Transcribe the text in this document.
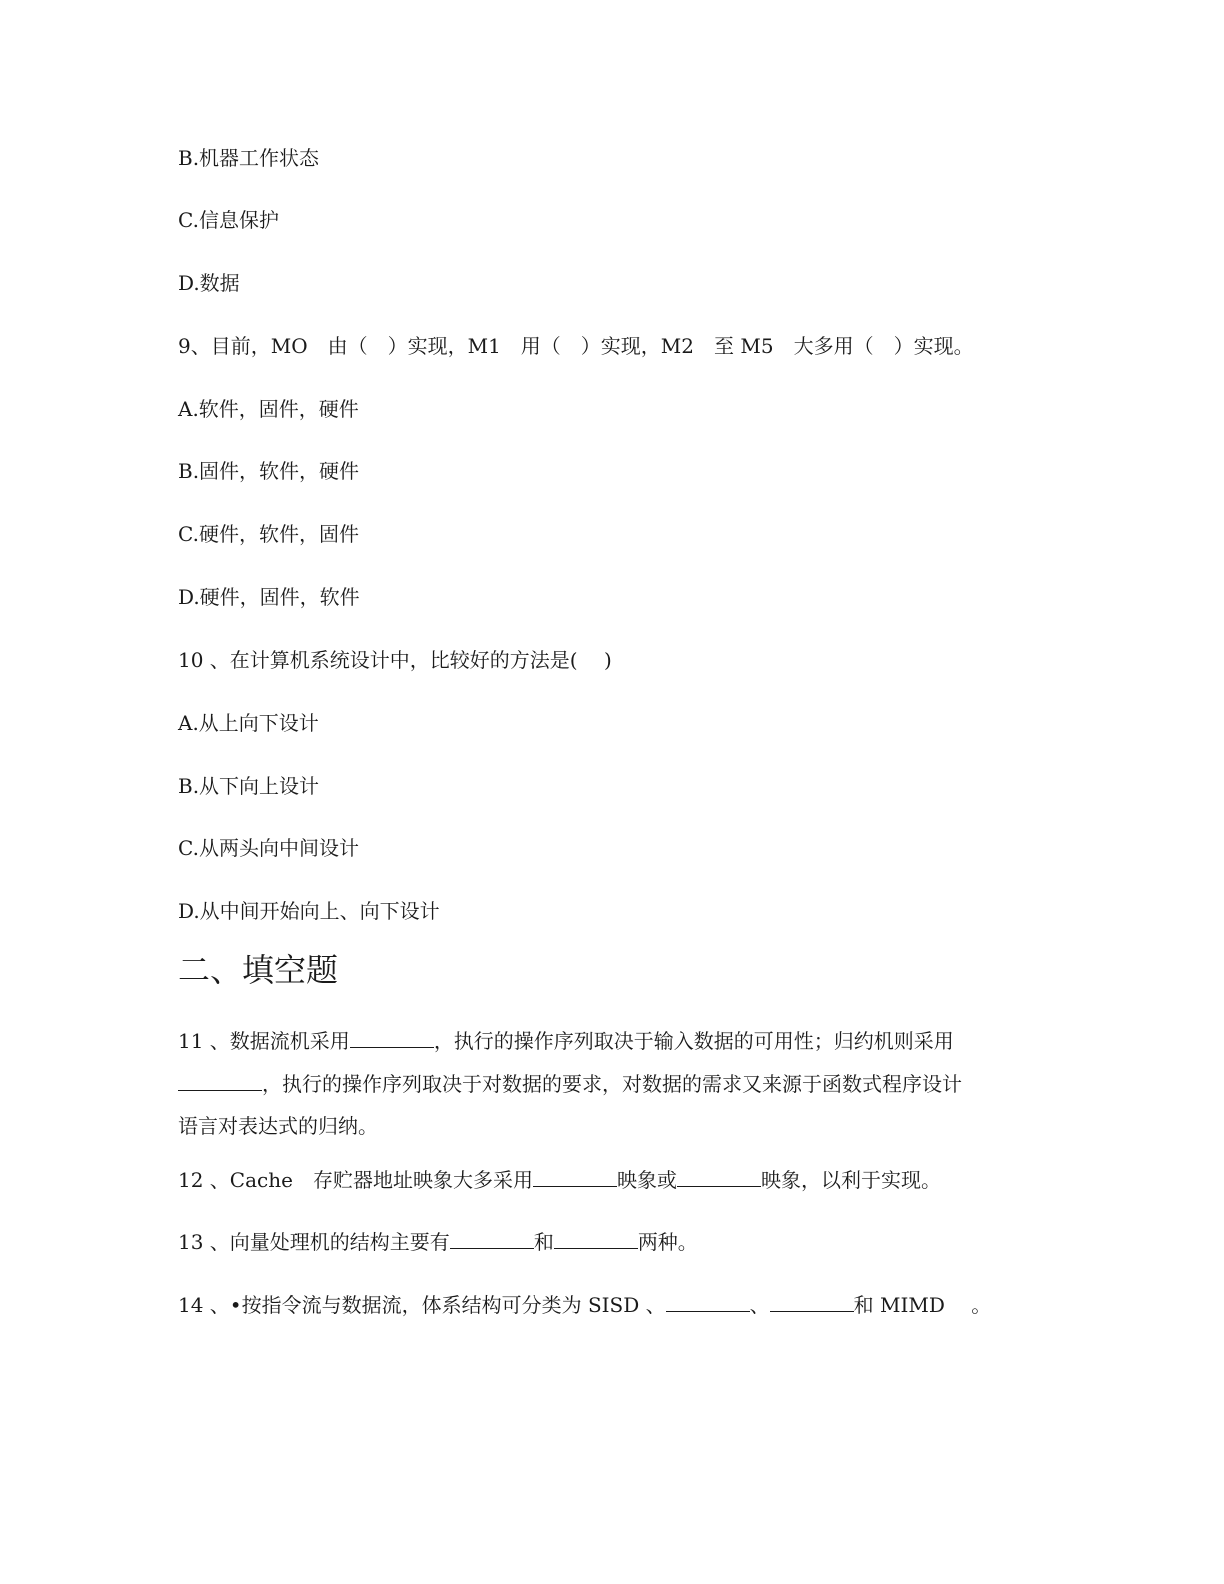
B.机器工作状态

C.信息保护

D.数据

9、目前，MO　由（　）实现，M1　用（　）实现，M2　至 M5　大多用（　）实现。

A.软件，固件，硬件

B.固件，软件，硬件

C.硬件，软件，固件

D.硬件，固件，软件

10 、在计算机系统设计中，比较好的方法是(　 )

A.从上向下设计

B.从下向上设计

C.从两头向中间设计

D.从中间开始向上、向下设计

二、填空题

11 、数据流机采用	，执行的操作序列取决于输入数据的可用性；归约机则采用

，执行的操作序列取决于对数据的要求，对数据的需求又来源于函数式程序设计

语言对表达式的归纳。

12 、Cache　存贮器地址映象大多采用	映象或	映象，以利于实现。

13 、向量处理机的结构主要有	和	两种。

14 、•按指令流与数据流，体系结构可分类为 SISD 、	、	和 MIMD　 。
